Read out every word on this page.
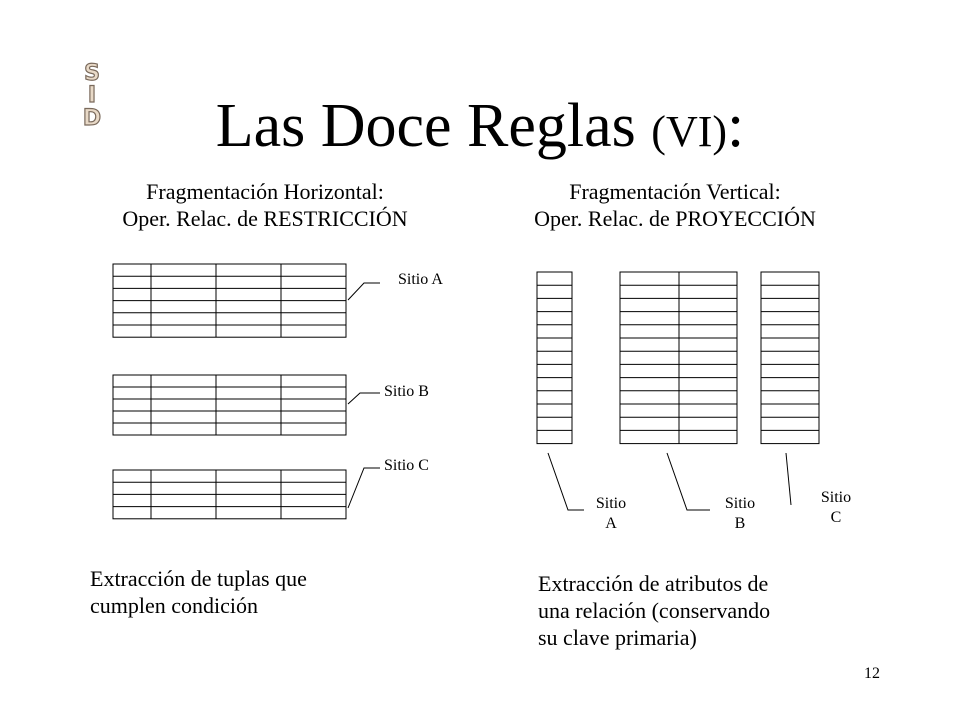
S
I
D	Las Doce Reglas (VI):
Fragmentación Horizontal:
Oper. Relac. de RESTRICCIÓN
Fragmentación Vertical:
Oper. Relac. de PROYECCIÓN
Sitio A
Sitio B
Sitio C
Sitio
A
Sitio
B
Sitio
C
Extracción de tuplas que
cumplen condición
Extracción de atributos de
una relación (conservando
su clave primaria)
12
